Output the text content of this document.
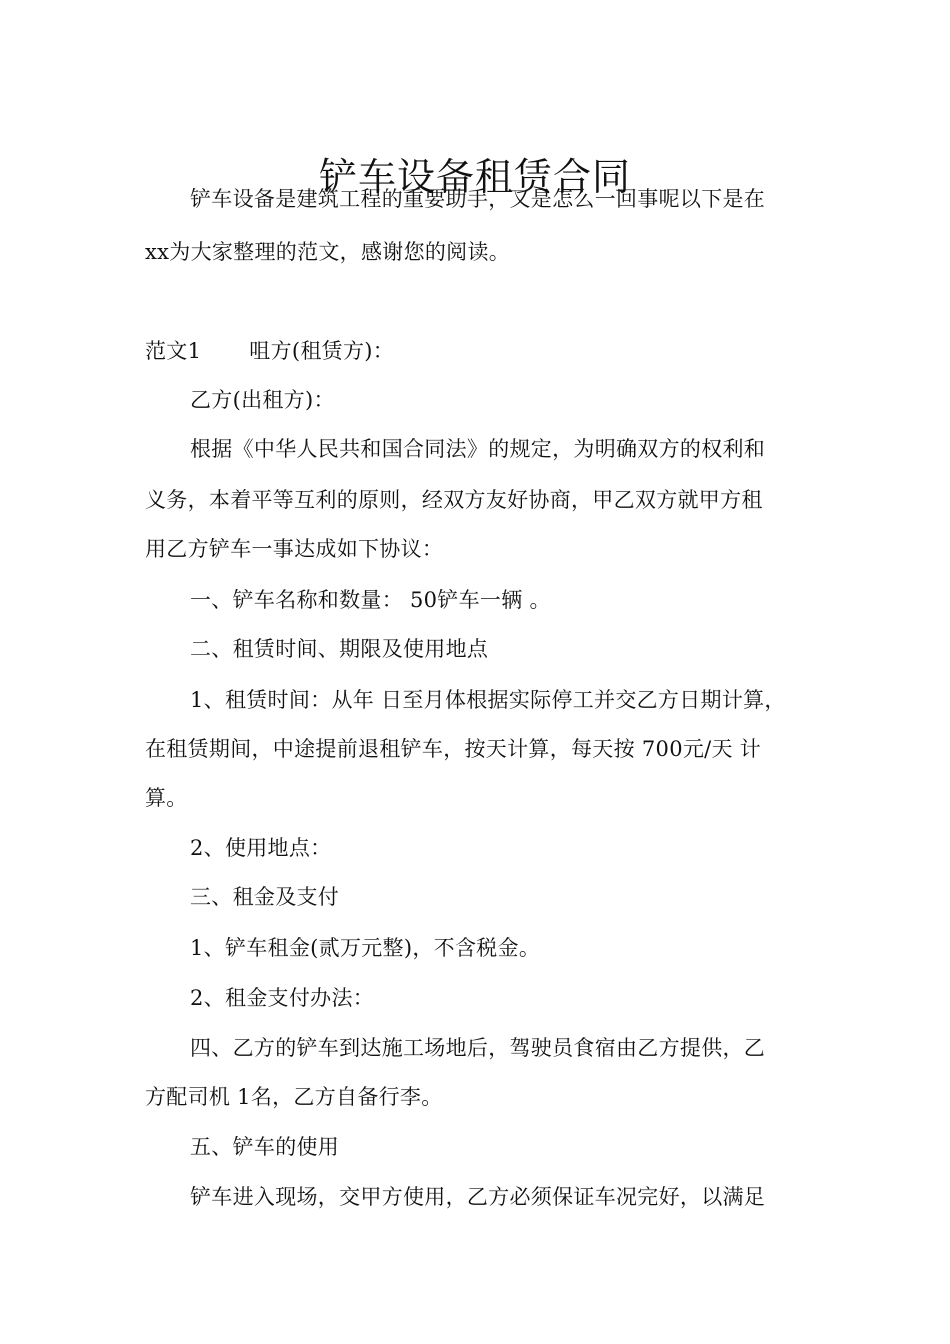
铲车设备租赁合同
铲车设备是建筑工程的重要助手，又是怎么一回事呢以下是在
xx为大家整理的范文，感谢您的阅读。
范文1 咀方(租赁方)：
乙方(出租方)：
根据《中华人民共和国合同法》的规定，为明确双方的权利和
义务，本着平等互利的原则，经双方友好协商，甲乙双方就甲方租
用乙方铲车一事达成如下协议：
一、铲车名称和数量： 50铲车一辆 。
二、租赁时间、期限及使用地点
1、租赁时间：从年 日至月体根据实际停工并交乙方日期计算，
在租赁期间，中途提前退租铲车，按天计算，每天按 700元/天 计
算。
2、使用地点：
三、租金及支付
1、铲车租金(贰万元整)，不含税金。
2、租金支付办法：
四、乙方的铲车到达施工场地后，驾驶员食宿由乙方提供，乙
方配司机 1名，乙方自备行李。
五、铲车的使用
铲车进入现场，交甲方使用，乙方必须保证车况完好，以满足
